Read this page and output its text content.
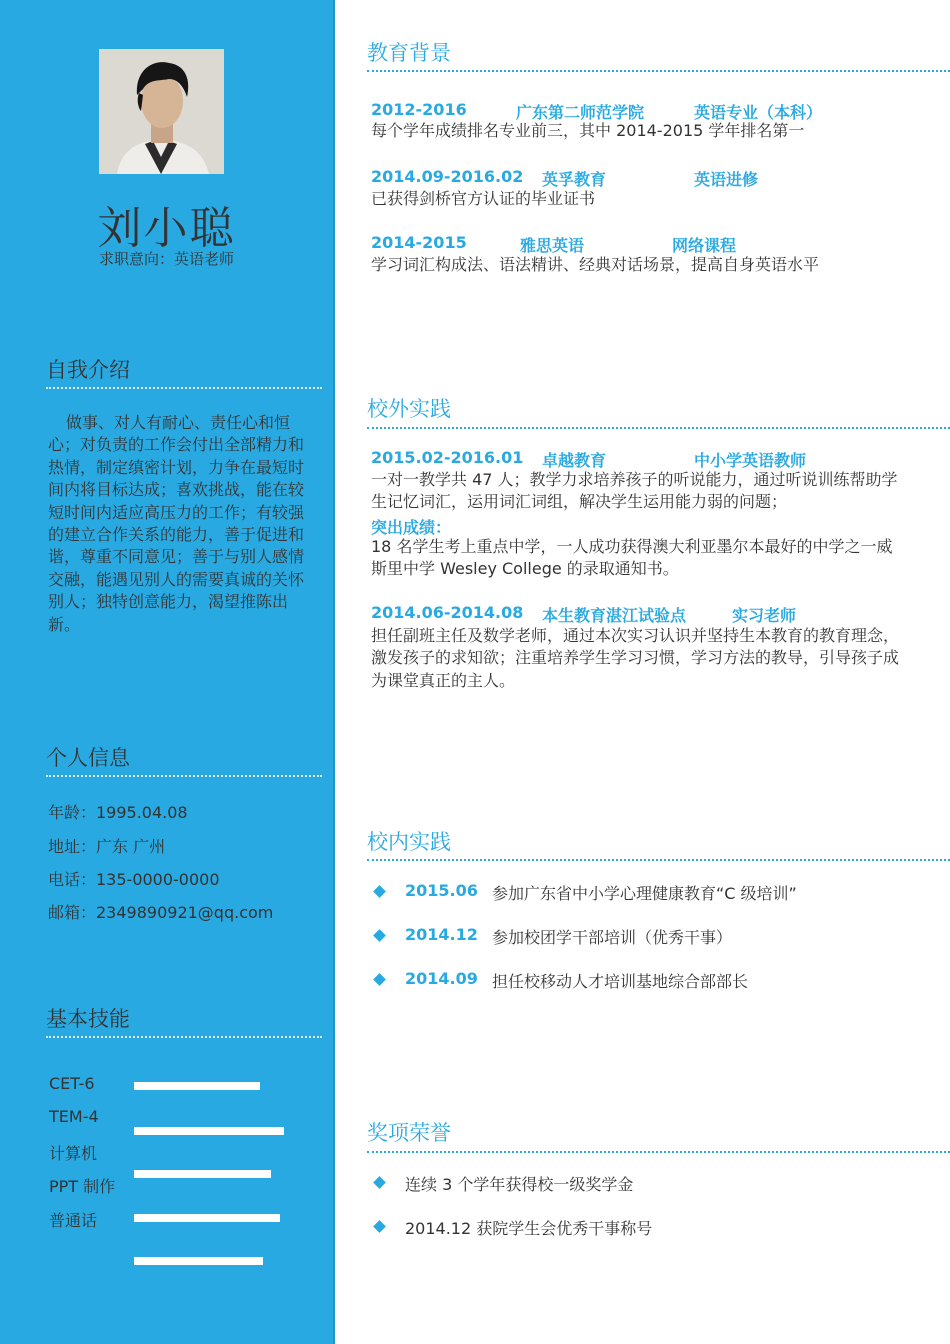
刘小聪
求职意向：英语老师
自我介绍
做事、对人有耐心、责任心和恒心；对负责的工作会付出全部精力和热情，制定缜密计划，力争在最短时间内将目标达成；喜欢挑战，能在较短时间内适应高压力的工作；有较强的建立合作关系的能力，善于促进和谐，尊重不同意见；善于与别人感情交融，能遇见别人的需要真诚的关怀别人；独特创意能力，渴望推陈出新。
个人信息
年龄：1995.04.08
地址：广东 广州
电话：135-0000-0000
邮箱：2349890921@qq.com
基本技能
CET-6
TEM-4
计算机
PPT 制作
普通话
教育背景
2012-2016	广东第二师范学院	英语专业（本科）
每个学年成绩排名专业前三，其中 2014-2015 学年排名第一
2014.09-2016.02 英孚教育	英语进修
已获得剑桥官方认证的毕业证书
2014-2015	雅思英语	网络课程
学习词汇构成法、语法精讲、经典对话场景，提高自身英语水平
校外实践
2015.02-2016.01 卓越教育	中小学英语教师
一对一教学共 47 人；教学力求培养孩子的听说能力，通过听说训练帮助学生记忆词汇，运用词汇词组，解决学生运用能力弱的问题；
突出成绩：
18 名学生考上重点中学，一人成功获得澳大利亚墨尔本最好的中学之一威斯里中学 Wesley College 的录取通知书。
2014.06-2014.08 本生教育湛江试验点	实习老师
担任副班主任及数学老师，通过本次实习认识并坚持生本教育的教育理念，激发孩子的求知欲；注重培养学生学习习惯，学习方法的教导，引导孩子成为课堂真正的主人。
校内实践
2015.06 参加广东省中小学心理健康教育“C 级培训”
2014.12 参加校团学干部培训（优秀干事）
2014.09 担任校移动人才培训基地综合部部长
奖项荣誉
连续 3 个学年获得校一级奖学金
2014.12 获院学生会优秀干事称号
